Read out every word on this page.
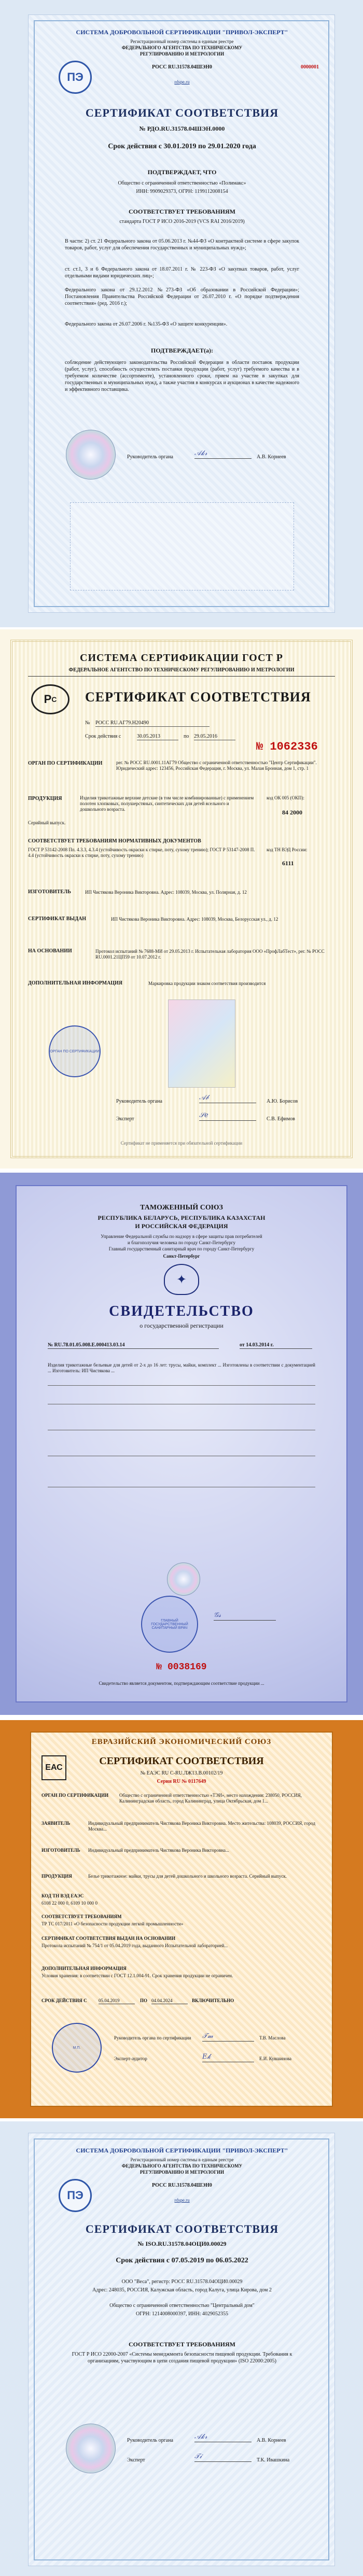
СИСТЕМА ДОБРОВОЛЬНОЙ СЕРТИФИКАЦИИ "ПРИВОЛ-ЭКСПЕРТ"
Регистрационный номер системы в единым реестре
ФЕДЕРАЛЬНОГО АГЕНТСТВА ПО ТЕХНИЧЕСКОМУ
РЕГУЛИРОВАНИЮ И МЕТРОЛОГИИ
ПЭ
РОСС RU.31578.04ШЭН0	0000001
rdspe.ru
СЕРТИФИКАТ СООТВЕТСТВИЯ
№ РДО.RU.31578.04ШЭН.0000
Срок действия с 30.01.2019 по 29.01.2020 года
ПОДТВЕРЖДАЕТ, ЧТО
Общество с ограниченной ответственностью «Полимакс»
ИНН: 9909029373, ОГРН: 1199112008154
СООТВЕТСТВУЕТ ТРЕБОВАНИЯМ
стандарта ГОСТ Р ИСО 2016-2019 (VCS RAI 2016/2019)
В части: 2) ст. 21 Федерального закона от 05.06.2013 г. №44-ФЗ «О контрактной системе в сфере закупок товаров, работ, услуг для обеспечения государственных и муниципальных нужд»;
ст. ст.1, 3 и 6 Федерального закона от 18.07.2011 г. № 223-ФЗ «О закупках товаров, работ, услуг отдельными видами юридических лиц»;
Федерального закона от 29.12.2012 №273-ФЗ «Об образовании в Российской Федерации»; Постановления Правительства Российской Федерации от 26.07.2010 г. «О порядке подтверждения соответствия» (ред. 2016 г.);
Федерального закона от 26.07.2006 г. №135-ФЗ «О защите конкуренции».
ПОДТВЕРЖДАЕТ(а):
соблюдение действующего законодательства Российской Федерации в области поставок продукции (работ, услуг), способность осуществлять поставки продукции (работ, услуг) требуемого качества и в требуемом количестве (ассортименте), установленного сроки, прием на участие в закупках для государственных и муниципальных нужд, а также участия в конкурсах и аукционах в качестве надежного и эффективного поставщика.
Руководитель органа	𝒜𝓀𝓇	А.В. Корнеев
СИСТЕМА СЕРТИФИКАЦИИ ГОСТ Р
ФЕДЕРАЛЬНОЕ АГЕНТСТВО ПО ТЕХНИЧЕСКОМУ РЕГУЛИРОВАНИЮ И МЕТРОЛОГИИ
Р С СЕРТИФИКАТ СООТВЕТСТВИЯ
№	РОСС RU.АГ79.Н20490
Срок действия с	30.05.2013	по 29.05.2016
№ 1062336
ОРГАН ПО СЕРТИФИКАЦИИ	рег. № РОСС RU.0001.11АГ79 Общество с ограниченной ответственностью "Центр Сертификации". Юридический адрес: 123456, Российская Федерация, г. Москва, ул. Малая Бронная, дом 1, стр. 1
ПРОДУКЦИЯ	Изделия трикотажные верхние детские (в том числе комбинированные) с применением полотен хлопковых, полушерстяных, синтетических для детей ясельного и дошкольного возраста.
Серийный выпуск.
код ОК 005 (ОКП):
84 2000
СООТВЕТСТВУЕТ ТРЕБОВАНИЯМ НОРМАТИВНЫХ ДОКУМЕНТОВ
ГОСТ Р 53142-2008 Пп. 4.3.3, 4.3.4 (устойчивость окраски к стирке, поту, сухому трению); ГОСТ Р 53147-2008 П. 4.4 (устойчивость окраски к стирке, поту, сухому трению)
код ТН ВЭД России:
6111
ИЗГОТОВИТЕЛЬ	ИП Чистякова Вероника Викторовна. Адрес: 108039, Москва, ул. Полярная, д. 12
СЕРТИФИКАТ ВЫДАН	ИП Чистякова Вероника Викторовна. Адрес: 108039, Москва, Белорусская ул., д. 12
НА ОСНОВАНИИ	Протокол испытаний № 7688-МИ от 29.05.2013 г. Испытательная лаборатория ООО «ПрофЛабТест», рег. № РОСС RU.0001.21ЦП59 от 10.07.2012 г.
ДОПОЛНИТЕЛЬНАЯ ИНФОРМАЦИЯ	Маркировка продукции знаком соответствия производится
ОРГАН ПО СЕРТИФИКАЦИИ
Руководитель органа	𝒜𝒷	А.Ю. Борисов
Эксперт	𝒮𝑒	С.В. Ефимов
Сертификат не применяется при обязательной сертификации
ТАМОЖЕННЫЙ СОЮЗ
РЕСПУБЛИКА БЕЛАРУСЬ, РЕСПУБЛИКА КАЗАХСТАН
И РОССИЙСКАЯ ФЕДЕРАЦИЯ
Управление Федеральной службы по надзору в сфере защиты прав потребителей
и благополучия человека по городу Санкт-Петербургу
Главный государственный санитарный врач по городу Санкт-Петербургу
Санкт-Петербург
✦
СВИДЕТЕЛЬСТВО
о государственной регистрации
№ RU.78.01.05.008.Е.000413.03.14	от 14.03.2014 г.
Изделия трикотажные бельевые для детей от 2-х до 16 лет: трусы, майки, комплект ... Изготовлены в соответствии с документацией ... Изготовитель: ИП Чистякова ...
ГЛАВНЫЙ ГОСУДАРСТВЕННЫЙ САНИТАРНЫЙ ВРАЧ
𝒢𝓈
№ 0038169
Свидетельство является документом, подтверждающим соответствие продукции ...
ЕВРАЗИЙСКИЙ ЭКОНОМИЧЕСКИЙ СОЮЗ
ЕАС
СЕРТИФИКАТ СООТВЕТСТВИЯ
№ ЕАЭС RU С-RU.ЛЖ13.В.00102/19
Серия RU № 0117649
ОРГАН ПО СЕРТИФИКАЦИИ	Общество с ограниченной ответственностью «ТЭИ», место нахождения: 238050, РОССИЯ, Калининградская область, город Калининград, улица Октябрьская, дом 1...
ЗАЯВИТЕЛЬ	Индивидуальный предприниматель Чистякова Вероника Викторовна. Место жительства: 108039, РОССИЯ, город Москва...
ИЗГОТОВИТЕЛЬ	Индивидуальный предприниматель Чистякова Вероника Викторовна...
ПРОДУКЦИЯ	Белье трикотажное: майки, трусы для детей дошкольного и школьного возраста. Серийный выпуск.
КОД ТН ВЭД ЕАЭС
6108 22 000 0, 6109 10 000 0
СООТВЕТСТВУЕТ ТРЕБОВАНИЯМ
ТР ТС 017/2011 «О безопасности продукции легкой промышленности»
СЕРТИФИКАТ СООТВЕТСТВИЯ ВЫДАН НА ОСНОВАНИИ
Протокола испытаний № 754/1 от 05.04.2019 года, выданного Испытательной лабораторией...
ДОПОЛНИТЕЛЬНАЯ ИНФОРМАЦИЯ
Условия хранения: в соответствии с ГОСТ 12.1.004-91. Срок хранения продукции не ограничен.
СРОК ДЕЙСТВИЯ С	05.04.2019	ПО 04.04.2024	ВКЛЮЧИТЕЛЬНО
М.П.
Руководитель органа по сертификации	𝒯𝓂	Т.В. Маслова
Эксперт-аудитор	𝐸𝓀	Е.И. Кувшинова
СИСТЕМА ДОБРОВОЛЬНОЙ СЕРТИФИКАЦИИ "ПРИВОЛ-ЭКСПЕРТ"
Регистрационный номер системы в единым реестре
ФЕДЕРАЛЬНОГО АГЕНТСТВА ПО ТЕХНИЧЕСКОМУ
РЕГУЛИРОВАНИЮ И МЕТРОЛОГИИ
ПЭ
РОСС RU.31578.04ШЭН0
rdspe.ru
СЕРТИФИКАТ СООТВЕТСТВИЯ
№ ISO.RU.31578.04ОЦИ0.00029
Срок действия с 07.05.2019 по 06.05.2022
ООО "Веса", регистр: РОСС RU.31578.04ОЦИ0.00029
Адрес: 248035, РОССИЯ, Калужская область, город Калуга, улица Кирова, дом 2
Общество с ограниченной ответственностью "Центральный дом"
ОГРН: 1214008000397, ИНН: 4029052355
СООТВЕТСТВУЕТ ТРЕБОВАНИЯМ
ГОСТ Р ИСО 22000-2007 «Системы менеджмента безопасности пищевой продукции. Требования к организациям, участвующим в цепи создания пищевой продукции» (ISO 22000:2005)
Руководитель органа	𝒜𝓀𝓇	А.В. Корнеев
Эксперт	𝒯𝒾	Т.К. Ивашкина
